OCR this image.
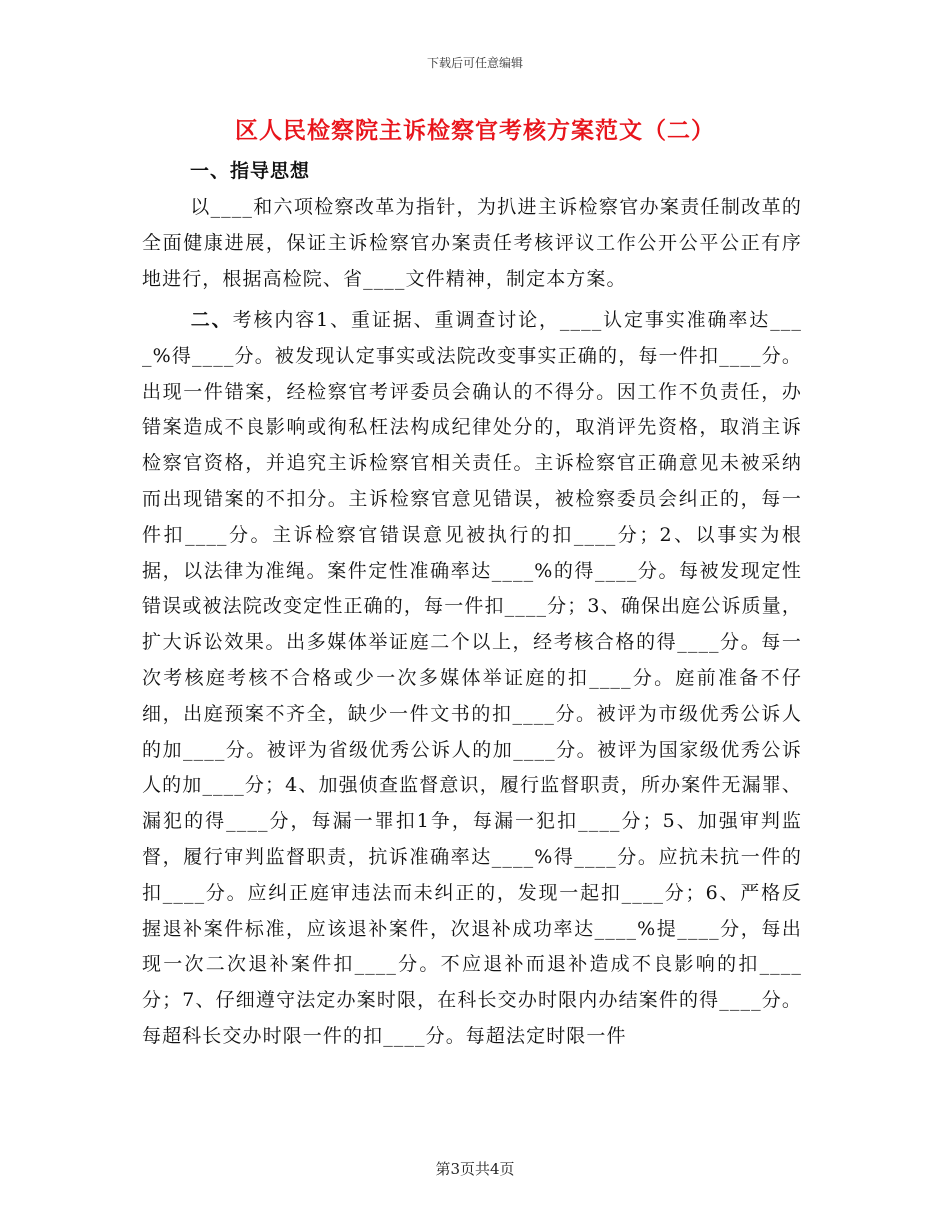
下载后可任意编辑
区人民检察院主诉检察官考核方案范文（二）
一、指导思想
以____和六项检察改革为指针，为扒进主诉检察官办案责任制改革的全面健康进展，保证主诉检察官办案责任考核评议工作公开公平公正有序地进行，根据高检院、省____文件精神，制定本方案。
二、考核内容1、重证据、重调查讨论，____认定事实准确率达____%得____分。被发现认定事实或法院改变事实正确的，每一件扣____分。出现一件错案，经检察官考评委员会确认的不得分。因工作不负责任，办错案造成不良影响或徇私枉法构成纪律处分的，取消评先资格，取消主诉检察官资格，并追究主诉检察官相关责任。主诉检察官正确意见未被采纳而出现错案的不扣分。主诉检察官意见错误，被检察委员会纠正的，每一件扣____分。主诉检察官错误意见被执行的扣____分；2、以事实为根据，以法律为准绳。案件定性准确率达____%的得____分。每被发现定性错误或被法院改变定性正确的，每一件扣____分；3、确保出庭公诉质量，扩大诉讼效果。出多媒体举证庭二个以上，经考核合格的得____分。每一次考核庭考核不合格或少一次多媒体举证庭的扣____分。庭前准备不仔细，出庭预案不齐全，缺少一件文书的扣____分。被评为市级优秀公诉人的加____分。被评为省级优秀公诉人的加____分。被评为国家级优秀公诉人的加____分；4、加强侦查监督意识，履行监督职责，所办案件无漏罪、漏犯的得____分，每漏一罪扣1争，每漏一犯扣____分；5、加强审判监督，履行审判监督职责，抗诉准确率达____%得____分。应抗未抗一件的扣____分。应纠正庭审违法而未纠正的，发现一起扣____分；6、严格反握退补案件标准，应该退补案件，次退补成功率达____%提____分，每出现一次二次退补案件扣____分。不应退补而退补造成不良影响的扣____分；7、仔细遵守法定办案时限，在科长交办时限内办结案件的得____分。每超科长交办时限一件的扣____分。每超法定时限一件
第3页共4页
